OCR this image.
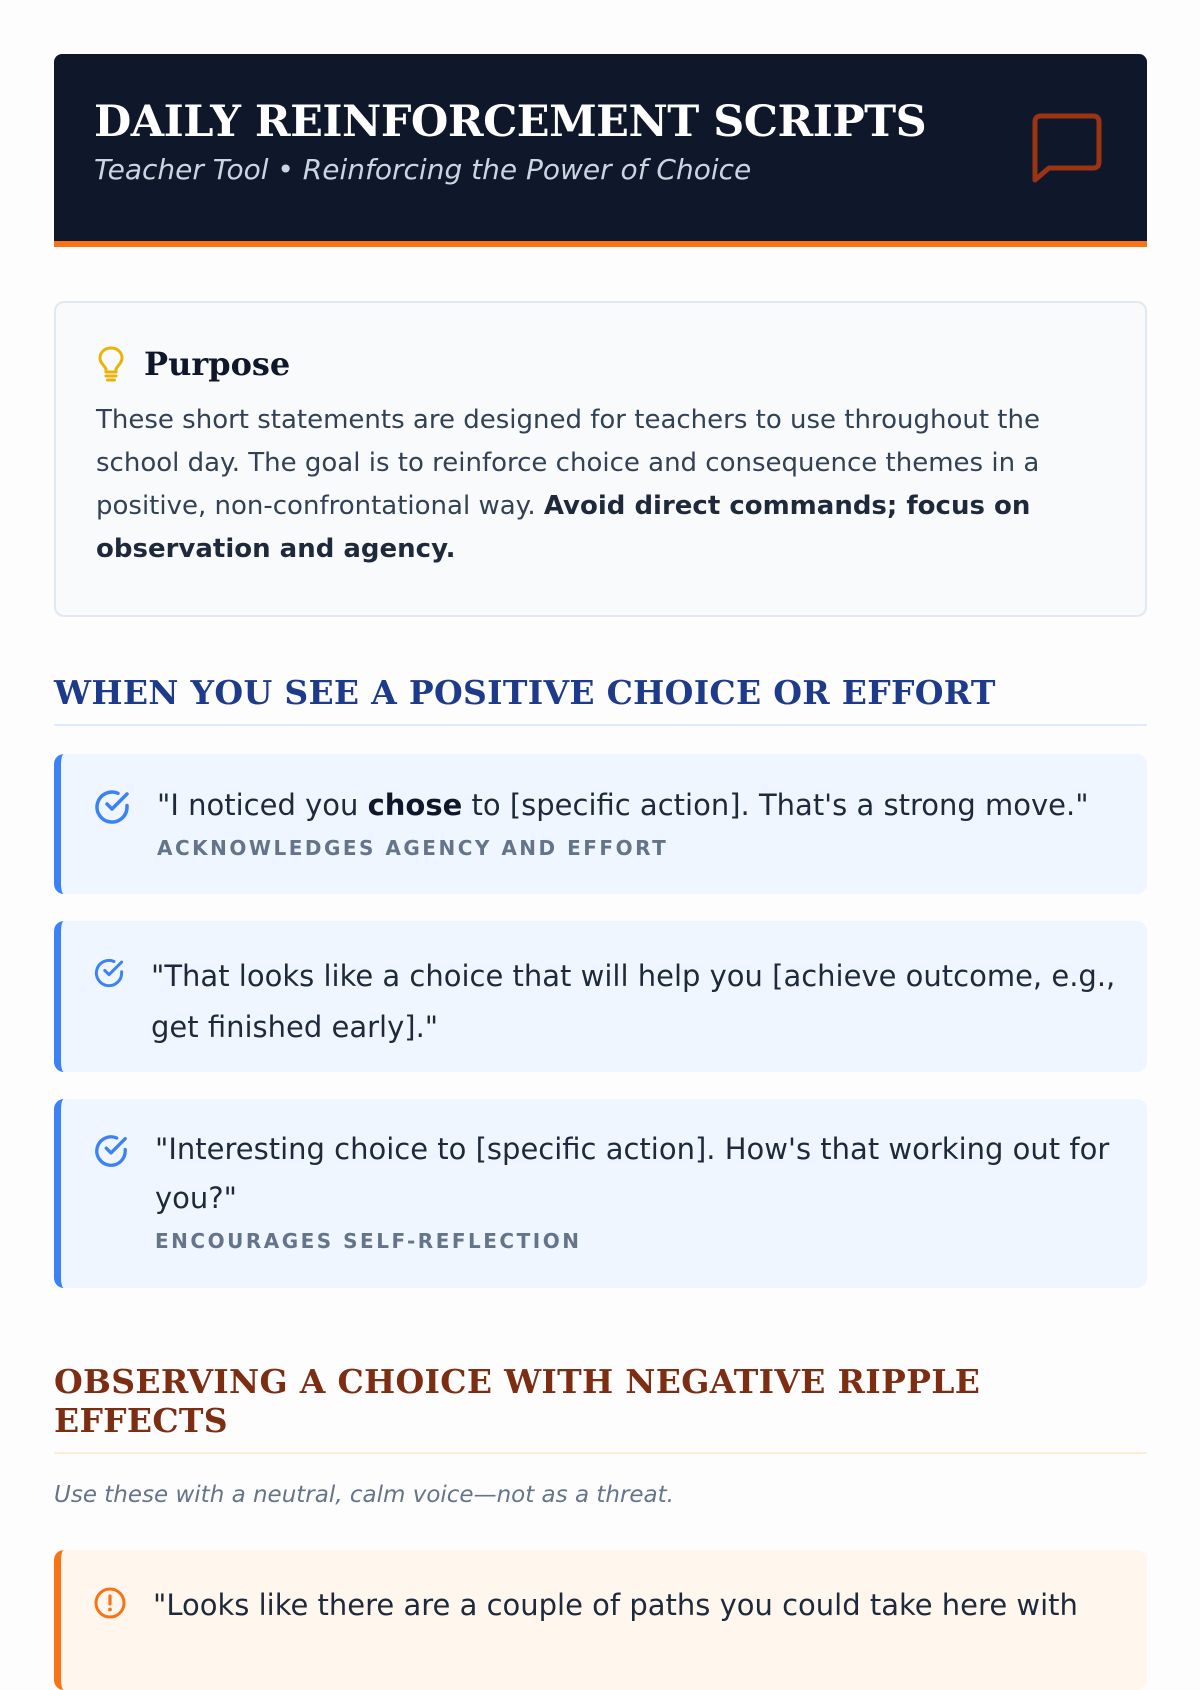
DAILY REINFORCEMENT SCRIPTS
Teacher Tool • Reinforcing the Power of Choice
Purpose

These short statements are designed for teachers to use throughout the school day. The goal is to reinforce choice and consequence themes in a positive, non-confrontational way. Avoid direct commands; focus on observation and agency.

WHEN YOU SEE A POSITIVE CHOICE OR EFFORT

"I noticed you chose to [specific action]. That's a strong move."

ACKNOWLEDGES AGENCY AND EFFORT

"That looks like a choice that will help you [achieve outcome, e.g., get finished early]."

"Interesting choice to [specific action]. How's that working out for you?"

ENCOURAGES SELF-REFLECTION
OBSERVING A CHOICE WITH NEGATIVE RIPPLE EFFECTS

Use these with a neutral, calm voice—not as a threat.

"Looks like there are a couple of paths you could take here with
